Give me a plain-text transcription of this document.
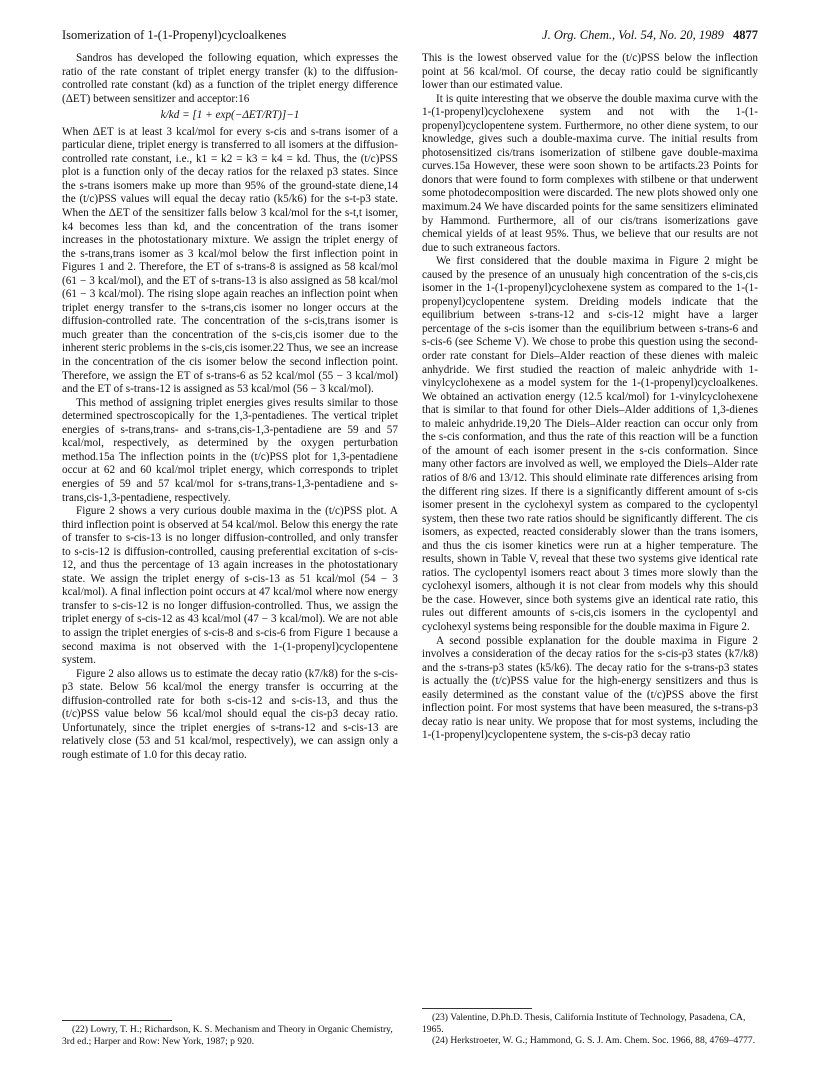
Isomerization of 1-(1-Propenyl)cycloalkenes	J. Org. Chem., Vol. 54, No. 20, 1989 4877

Sandros has developed the following equation, which expresses the ratio of the rate constant of triplet energy transfer (k) to the diffusion-controlled rate constant (kd) as a function of the triplet energy difference (ΔET) between sensitizer and acceptor:16

k/kd = [1 + exp(−ΔET/RT)]−1

When ΔET is at least 3 kcal/mol for every s-cis and s-trans isomer of a particular diene, triplet energy is transferred to all isomers at the diffusion-controlled rate constant, i.e., k1 = k2 = k3 = k4 = kd. Thus, the (t/c)PSS plot is a function only of the decay ratios for the relaxed p3 states. Since the s-trans isomers make up more than 95% of the ground-state diene,14 the (t/c)PSS values will equal the decay ratio (k5/k6) for the s-t-p3 state. When the ΔET of the sensitizer falls below 3 kcal/mol for the s-t,t isomer, k4 becomes less than kd, and the concentration of the trans isomer increases in the photostationary mixture. We assign the triplet energy of the s-trans,trans isomer as 3 kcal/mol below the first inflection point in Figures 1 and 2. Therefore, the ET of s-trans-8 is assigned as 58 kcal/mol (61 − 3 kcal/mol), and the ET of s-trans-13 is also assigned as 58 kcal/mol (61 − 3 kcal/mol). The rising slope again reaches an inflection point when triplet energy transfer to the s-trans,cis isomer no longer occurs at the diffusion-controlled rate. The concentration of the s-cis,trans isomer is much greater than the concentration of the s-cis,cis isomer due to the inherent steric problems in the s-cis,cis isomer.22 Thus, we see an increase in the concentration of the cis isomer below the second inflection point. Therefore, we assign the ET of s-trans-6 as 52 kcal/mol (55 − 3 kcal/mol) and the ET of s-trans-12 is assigned as 53 kcal/mol (56 − 3 kcal/mol).

This method of assigning triplet energies gives results similar to those determined spectroscopically for the 1,3-pentadienes. The vertical triplet energies of s-trans,trans- and s-trans,cis-1,3-pentadiene are 59 and 57 kcal/mol, respectively, as determined by the oxygen perturbation method.15a The inflection points in the (t/c)PSS plot for 1,3-pentadiene occur at 62 and 60 kcal/mol triplet energy, which corresponds to triplet energies of 59 and 57 kcal/mol for s-trans,trans-1,3-pentadiene and s-trans,cis-1,3-pentadiene, respectively.

Figure 2 shows a very curious double maxima in the (t/c)PSS plot. A third inflection point is observed at 54 kcal/mol. Below this energy the rate of transfer to s-cis-13 is no longer diffusion-controlled, and only transfer to s-cis-12 is diffusion-controlled, causing preferential excitation of s-cis-12, and thus the percentage of 13 again increases in the photostationary state. We assign the triplet energy of s-cis-13 as 51 kcal/mol (54 − 3 kcal/mol). A final inflection point occurs at 47 kcal/mol where now energy transfer to s-cis-12 is no longer diffusion-controlled. Thus, we assign the triplet energy of s-cis-12 as 43 kcal/mol (47 − 3 kcal/mol). We are not able to assign the triplet energies of s-cis-8 and s-cis-6 from Figure 1 because a second maxima is not observed with the 1-(1-propenyl)cyclopentene system.

Figure 2 also allows us to estimate the decay ratio (k7/k8) for the s-cis-p3 state. Below 56 kcal/mol the energy transfer is occurring at the diffusion-controlled rate for both s-cis-12 and s-cis-13, and thus the (t/c)PSS value below 56 kcal/mol should equal the cis-p3 decay ratio. Unfortunately, since the triplet energies of s-trans-12 and s-cis-13 are relatively close (53 and 51 kcal/mol, respectively), we can assign only a rough estimate of 1.0 for this decay ratio.

(22) Lowry, T. H.; Richardson, K. S. Mechanism and Theory in Organic Chemistry, 3rd ed.; Harper and Row: New York, 1987; p 920.

This is the lowest observed value for the (t/c)PSS below the inflection point at 56 kcal/mol. Of course, the decay ratio could be significantly lower than our estimated value.

It is quite interesting that we observe the double maxima curve with the 1-(1-propenyl)cyclohexene system and not with the 1-(1-propenyl)cyclopentene system. Furthermore, no other diene system, to our knowledge, gives such a double-maxima curve. The initial results from photosensitized cis/trans isomerization of stilbene gave double-maxima curves.15a However, these were soon shown to be artifacts.23 Points for donors that were found to form complexes with stilbene or that underwent some photodecomposition were discarded. The new plots showed only one maximum.24 We have discarded points for the same sensitizers eliminated by Hammond. Furthermore, all of our cis/trans isomerizations gave chemical yields of at least 95%. Thus, we believe that our results are not due to such extraneous factors.

We first considered that the double maxima in Figure 2 might be caused by the presence of an unusualy high concentration of the s-cis,cis isomer in the 1-(1-propenyl)cyclohexene system as compared to the 1-(1-propenyl)cyclopentene system. Dreiding models indicate that the equilibrium between s-trans-12 and s-cis-12 might have a larger percentage of the s-cis isomer than the equilibrium between s-trans-6 and s-cis-6 (see Scheme V). We chose to probe this question using the second-order rate constant for Diels–Alder reaction of these dienes with maleic anhydride. We first studied the reaction of maleic anhydride with 1-vinylcyclohexene as a model system for the 1-(1-propenyl)cycloalkenes. We obtained an activation energy (12.5 kcal/mol) for 1-vinylcyclohexene that is similar to that found for other Diels–Alder additions of 1,3-dienes to maleic anhydride.19,20 The Diels–Alder reaction can occur only from the s-cis conformation, and thus the rate of this reaction will be a function of the amount of each isomer present in the s-cis conformation. Since many other factors are involved as well, we employed the Diels–Alder rate ratios of 8/6 and 13/12. This should eliminate rate differences arising from the different ring sizes. If there is a significantly different amount of s-cis isomer present in the cyclohexyl system as compared to the cyclopentyl system, then these two rate ratios should be significantly different. The cis isomers, as expected, reacted considerably slower than the trans isomers, and thus the cis isomer kinetics were run at a higher temperature. The results, shown in Table V, reveal that these two systems give identical rate ratios. The cyclopentyl isomers react about 3 times more slowly than the cyclohexyl isomers, although it is not clear from models why this should be the case. However, since both systems give an identical rate ratio, this rules out different amounts of s-cis,cis isomers in the cyclopentyl and cyclohexyl systems being responsible for the double maxima in Figure 2.

A second possible explanation for the double maxima in Figure 2 involves a consideration of the decay ratios for the s-cis-p3 states (k7/k8) and the s-trans-p3 states (k5/k6). The decay ratio for the s-trans-p3 states is actually the (t/c)PSS value for the high-energy sensitizers and thus is easily determined as the constant value of the (t/c)PSS above the first inflection point. For most systems that have been measured, the s-trans-p3 decay ratio is near unity. We propose that for most systems, including the 1-(1-propenyl)cyclopentene system, the s-cis-p3 decay ratio

(23) Valentine, D.Ph.D. Thesis, California Institute of Technology, Pasadena, CA, 1965.

(24) Herkstroeter, W. G.; Hammond, G. S. J. Am. Chem. Soc. 1966, 88, 4769–4777.
